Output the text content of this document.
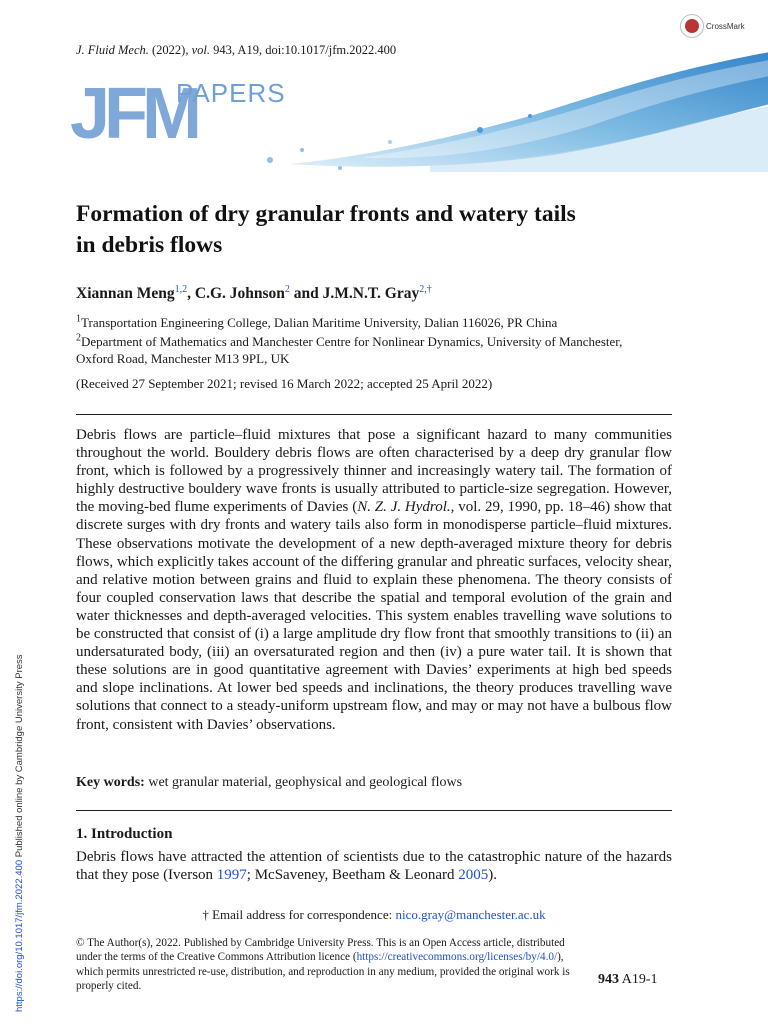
J. Fluid Mech. (2022), vol. 943, A19, doi:10.1017/jfm.2022.400
CrossMark
JFM
PAPERS
Formation of dry granular fronts and watery tails
in debris flows
Xiannan Meng$^{1,2}$, C.G. Johnson$^2$ and J.M.N.T. Gray$^{2,\dagger}$
$^1$Transportation Engineering College, Dalian Maritime University, Dalian 116026, PR China
$^2$Department of Mathematics and Manchester Centre for Nonlinear Dynamics, University of Manchester,
Oxford Road, Manchester M13 9PL, UK
(Received 27 September 2021; revised 16 March 2022; accepted 25 April 2022)
Debris flows are particle–fluid mixtures that pose a significant hazard to many communities throughout the world. Bouldery debris flows are often characterised by a deep dry granular flow front, which is followed by a progressively thinner and increasingly watery tail. The formation of highly destructive bouldery wave fronts is usually attributed to particle-size segregation. However, the moving-bed flume experiments of Davies (N. Z. J. Hydrol., vol. 29, 1990, pp. 18–46) show that discrete surges with dry fronts and watery tails also form in monodisperse particle–fluid mixtures. These observations motivate the development of a new depth-averaged mixture theory for debris flows, which explicitly takes account of the differing granular and phreatic surfaces, velocity shear, and relative motion between grains and fluid to explain these phenomena. The theory consists of four coupled conservation laws that describe the spatial and temporal evolution of the grain and water thicknesses and depth-averaged velocities. This system enables travelling wave solutions to be constructed that consist of (i) a large amplitude dry flow front that smoothly transitions to (ii) an undersaturated body, (iii) an oversaturated region and then (iv) a pure water tail. It is shown that these solutions are in good quantitative agreement with Davies’ experiments at high bed speeds and slope inclinations. At lower bed speeds and inclinations, the theory produces travelling wave solutions that connect to a steady-uniform upstream flow, and may or may not have a bulbous flow front, consistent with Davies’ observations.
Key words: wet granular material, geophysical and geological flows
1. Introduction
Debris flows have attracted the attention of scientists due to the catastrophic nature of the hazards that they pose (Iverson 1997; McSaveney, Beetham & Leonard 2005).
† Email address for correspondence: nico.gray@manchester.ac.uk
© The Author(s), 2022. Published by Cambridge University Press. This is an Open Access article, distributed under the terms of the Creative Commons Attribution licence (https://creativecommons.org/licenses/by/4.0/), which permits unrestricted re-use, distribution, and reproduction in any medium, provided the original work is properly cited.	943 A19-1
https://doi.org/10.1017/jfm.2022.400 Published online by Cambridge University Press
